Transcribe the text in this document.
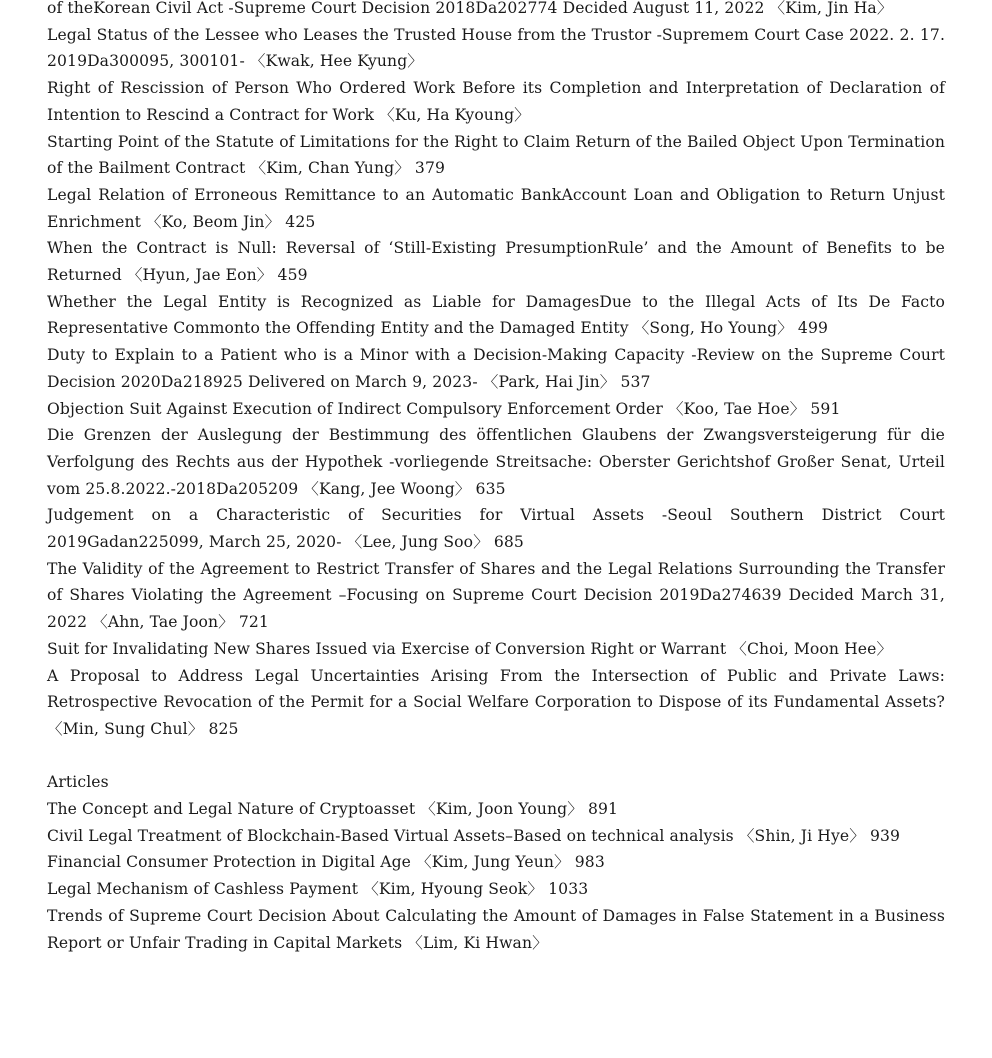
of theKorean Civil Act -Supreme Court Decision 2018Da202774 Decided August 11, 2022 〈Kim, Jin Ha〉

Legal Status of the Lessee who Leases the Trusted House from the Trustor -Supremem Court Case 2022. 2. 17. 2019Da300095, 300101- 〈Kwak, Hee Kyung〉

Right of Rescission of Person Who Ordered Work Before its Completion and Interpretation of Declaration of Intention to Rescind a Contract for Work 〈Ku, Ha Kyoung〉

Starting Point of the Statute of Limitations for the Right to Claim Return of the Bailed Object Upon Termination of the Bailment Contract 〈Kim, Chan Yung〉 379

Legal Relation of Erroneous Remittance to an Automatic BankAccount Loan and Obligation to Return Unjust Enrichment 〈Ko, Beom Jin〉 425

When the Contract is Null: Reversal of ‘Still-Existing PresumptionRule’ and the Amount of Benefits to be Returned 〈Hyun, Jae Eon〉 459

Whether the Legal Entity is Recognized as Liable for DamagesDue to the Illegal Acts of Its De Facto Representative Commonto the Offending Entity and the Damaged Entity 〈Song, Ho Young〉 499

Duty to Explain to a Patient who is a Minor with a Decision-Making Capacity -Review on the Supreme Court Decision 2020Da218925 Delivered on March 9, 2023- 〈Park, Hai Jin〉 537

Objection Suit Against Execution of Indirect Compulsory Enforcement Order 〈Koo, Tae Hoe〉 591

Die Grenzen der Auslegung der Bestimmung des öffentlichen Glaubens der Zwangsversteigerung für die Verfolgung des Rechts aus der Hypothek -vorliegende Streitsache: Oberster Gerichtshof Großer Senat, Urteil vom 25.8.2022.-2018Da205209 〈Kang, Jee Woong〉 635

Judgement on a Characteristic of Securities for Virtual Assets -Seoul Southern District Court 2019Gadan225099, March 25, 2020- 〈Lee, Jung Soo〉 685

The Validity of the Agreement to Restrict Transfer of Shares and the Legal Relations Surrounding the Transfer of Shares Violating the Agreement –Focusing on Supreme Court Decision 2019Da274639 Decided March 31, 2022 〈Ahn, Tae Joon〉 721

Suit for Invalidating New Shares Issued via Exercise of Conversion Right or Warrant 〈Choi, Moon Hee〉

A Proposal to Address Legal Uncertainties Arising From the Intersection of Public and Private Laws: Retrospective Revocation of the Permit for a Social Welfare Corporation to Dispose of its Fundamental Assets? 〈Min, Sung Chul〉 825

Articles

The Concept and Legal Nature of Cryptoasset 〈Kim, Joon Young〉 891

Civil Legal Treatment of Blockchain-Based Virtual Assets–Based on technical analysis 〈Shin, Ji Hye〉 939

Financial Consumer Protection in Digital Age 〈Kim, Jung Yeun〉 983

Legal Mechanism of Cashless Payment 〈Kim, Hyoung Seok〉 1033

Trends of Supreme Court Decision About Calculating the Amount of Damages in False Statement in a Business Report or Unfair Trading in Capital Markets 〈Lim, Ki Hwan〉
